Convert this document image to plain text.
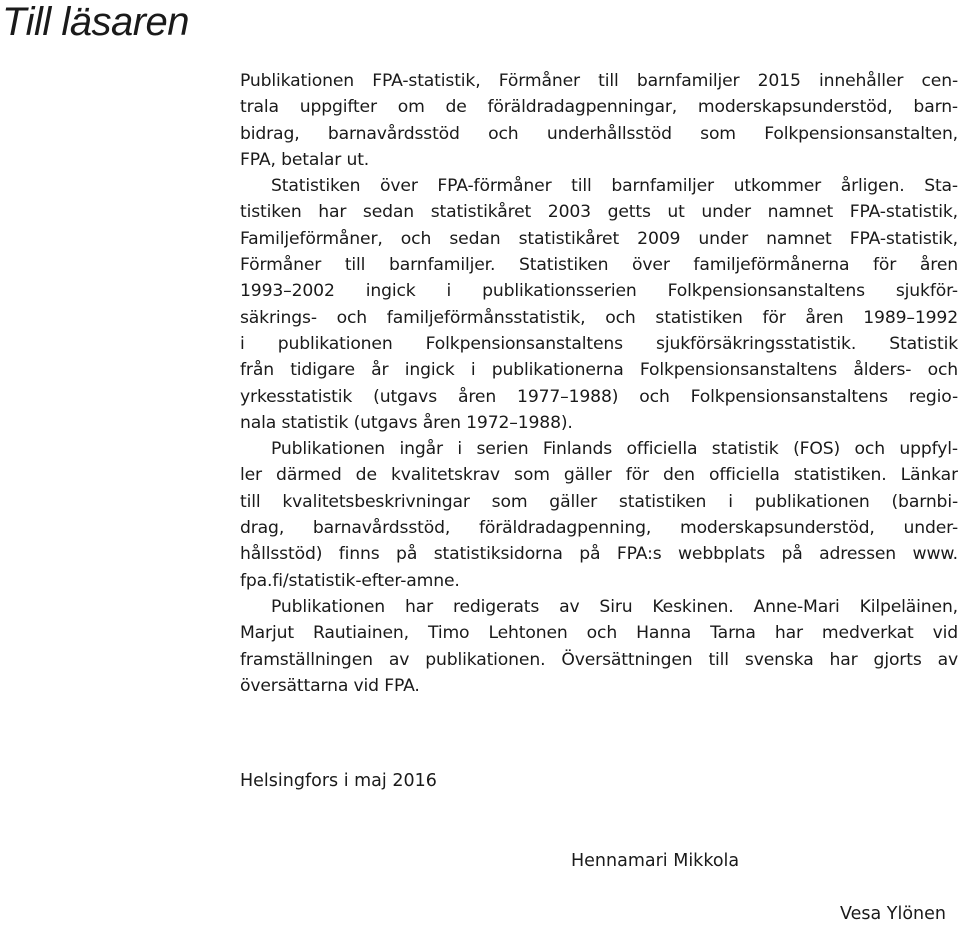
Till läsaren
Publikationen FPA-statistik, Förmåner till barnfamiljer 2015 innehåller cen-
trala uppgifter om de föräldradagpenningar, moderskapsunderstöd, barn-
bidrag, barnavårdsstöd och underhållsstöd som Folkpensionsanstalten,
FPA, betalar ut.
Statistiken över FPA-förmåner till barnfamiljer utkommer årligen. Sta-
tistiken har sedan statistikåret 2003 getts ut under namnet FPA-statistik,
Familjeförmåner, och sedan statistikåret 2009 under namnet FPA-statistik,
Förmåner till barnfamiljer. Statistiken över familjeförmånerna för åren
1993–2002 ingick i publikationsserien Folkpensionsanstaltens sjukför-
säkrings- och familjeförmånsstatistik, och statistiken för åren 1989–1992
i publikationen Folkpensionsanstaltens sjukförsäkringsstatistik. Statistik
från tidigare år ingick i publikationerna Folkpensionsanstaltens ålders- och
yrkesstatistik (utgavs åren 1977–1988) och Folkpensionsanstaltens regio-
nala statistik (utgavs åren 1972–1988).
Publikationen ingår i serien Finlands officiella statistik (FOS) och uppfyl-
ler därmed de kvalitetskrav som gäller för den officiella statistiken. Länkar
till kvalitetsbeskrivningar som gäller statistiken i publikationen (barnbi-
drag, barnavårdsstöd, föräldradagpenning, moderskapsunderstöd, under-
hållsstöd) finns på statistiksidorna på FPA:s webbplats på adressen www.
fpa.fi/statistik-efter-amne.
Publikationen har redigerats av Siru Keskinen. Anne-Mari Kilpeläinen,
Marjut Rautiainen, Timo Lehtonen och Hanna Tarna har medverkat vid
framställningen av publikationen. Översättningen till svenska har gjorts av
översättarna vid FPA.
Helsingfors i maj 2016
Hennamari Mikkola
Vesa Ylönen
